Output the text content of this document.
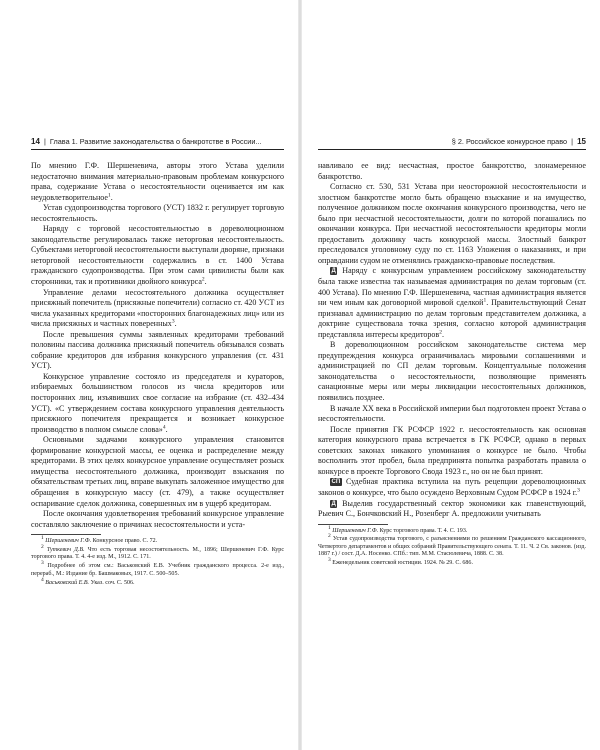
14  |  Глава 1. Развитие законодательства о банкротстве в России...

По мнению Г.Ф. Шершеневича, авторы этого Устава уделили недостаточно внимания материально-правовым проблемам конкурсного права, содержание Устава о несостоятельности оценивается им как неудовлетворительное$^1$.

Устав судопроизводства торгового (УСТ) 1832 г. регулирует торговую несостоятельность.

Наряду с торговой несостоятельностью в дореволюционном законодательстве регулировалась также неторговая несостоятельность. Субъектами неторговой несостоятельности выступали дворяне, признаки неторговой несостоятельности содержались в ст. 1400 Устава гражданского судопроизводства. При этом сами цивилисты были как сторонники, так и противники двойного конкурса$^2$.

Управление делами несостоятельного должника осуществляет присяжный попечитель (присяжные попечители) согласно ст. 420 УСТ из числа указанных кредиторами «посторонних благонадежных лиц» или из числа присяжных и частных поверенных$^3$.

После превышения суммы заявленных кредиторами требований половины пассива должника присяжный попечитель обязывался созвать собрание кредиторов для избрания конкурсного управления (ст. 431 УСТ).

Конкурсное управление состояло из председателя и кураторов, избираемых большинством голосов из числа кредиторов или посторонних лиц, изъявивших свое согласие на избрание (ст. 432–434 УСТ). «С утверждением состава конкурсного управления деятельность присяжного попечителя прекращается и возникает конкурсное производство в полном смысле слова»$^4$.

Основными задачами конкурсного управления становится формирование конкурсной массы, ее оценка и распределение между кредиторами. В этих целях конкурсное управление осуществляет розыск имущества несостоятельного должника, производит взыскания по обязательствам третьих лиц, вправе выкупать заложенное имущество для обращения в конкурсную массу (ст. 479), а также осуществляет оспаривание сделок должника, совершенных им в ущерб кредиторам.

После окончания удовлетворения требований конкурсное управление составляло заключение о причинах несостоятельности и уста-

$^1$ Шершеневич Г.Ф. Конкурсное право. С. 72.

$^2$ Туткевич Д.В. Что есть торговая несостоятельность. М., 1896; Шершеневич Г.Ф. Курс торгового права. Т. 4. 4-е изд. М., 1912. С. 171.

$^3$ Подробнее об этом см.: Васьковский Е.В. Учебник гражданского процесса. 2-е изд., перераб., М.: Издание бр. Башмаковых, 1917. С. 500–505.

$^4$ Васьковский Е.В. Указ. соч. С. 506.

§ 2. Российское конкурсное право  |  15

навливало ее вид: несчастная, простое банкротство, злонамеренное банкротство.

Согласно ст. 530, 531 Устава при неосторожной несостоятельности и злостном банкротстве могло быть обращено взыскание и на имущество, полученное должником после окончания конкурсного производства, чего не было при несчастной несостоятельности, долги по которой погашались по окончании конкурса. При несчастной несостоятельности кредиторы могли предоставить должнику часть конкурсной массы. Злостный банкрот преследовался уголовному суду по ст. 1163 Уложения о наказаниях, и при оправдании судом не отменялись гражданско-правовые последствия.

Д Наряду с конкурсным управлением российскому законодательству была также известна так называемая администрация по делам торговым (ст. 400 Устава). По мнению Г.Ф. Шершеневича, частная администрация является ни чем иным как договорной мировой сделкой$^1$. Правительствующий Сенат признавал администрацию по делам торговым представителем должника, а доктрине существовала точка зрения, согласно которой администрация представляла интересы кредиторов$^2$.

В дореволюционном российском законодательстве система мер предупреждения конкурса ограничивалась мировыми соглашениями и администрацией по СП делам торговым. Концептуальные положения законодательства о несостоятельности, позволяющие применять санационные меры или меры ликвидации несостоятельных должников, появились позднее.

В начале XX века в Российской империи был подготовлен проект Устава о несостоятельности.

После принятия ГК РСФСР 1922 г. несостоятельность как основная категория конкурсного права встречается в ГК РСФСР, однако в первых советских законах никакого упоминания о конкурсе не было. Чтобы восполнить этот пробел, была предпринята попытка разработать правила о конкурсе в проекте Торгового Свода 1923 г., но он не был принят.

СП Судебная практика вступила на путь рецепции дореволюционных законов о конкурсе, что было осуждено Верховным Судом РСФСР в 1924 г.$^3$

Д Выделив государственный сектор экономики как главенствующий, Рыевич С., Бончковский Н., Розенберг А. предложили учитывать

$^1$ Шершеневич Г.Ф. Курс торгового права. Т. 4. С. 193.

$^2$ Устав судопроизводства торгового, с разъяснениями по решениям Гражданского кассационного, Четвертого департаментов и общих собраний Правительствующего сената. Т. 11. Ч. 2 Св. законов. (изд. 1887 г.) / сост. Д.А. Носенко. СПб.: тип. М.М. Стасюлевича, 1888. С. 38.

$^3$ Еженедельник советской юстиции. 1924. № 29. С. 686.
